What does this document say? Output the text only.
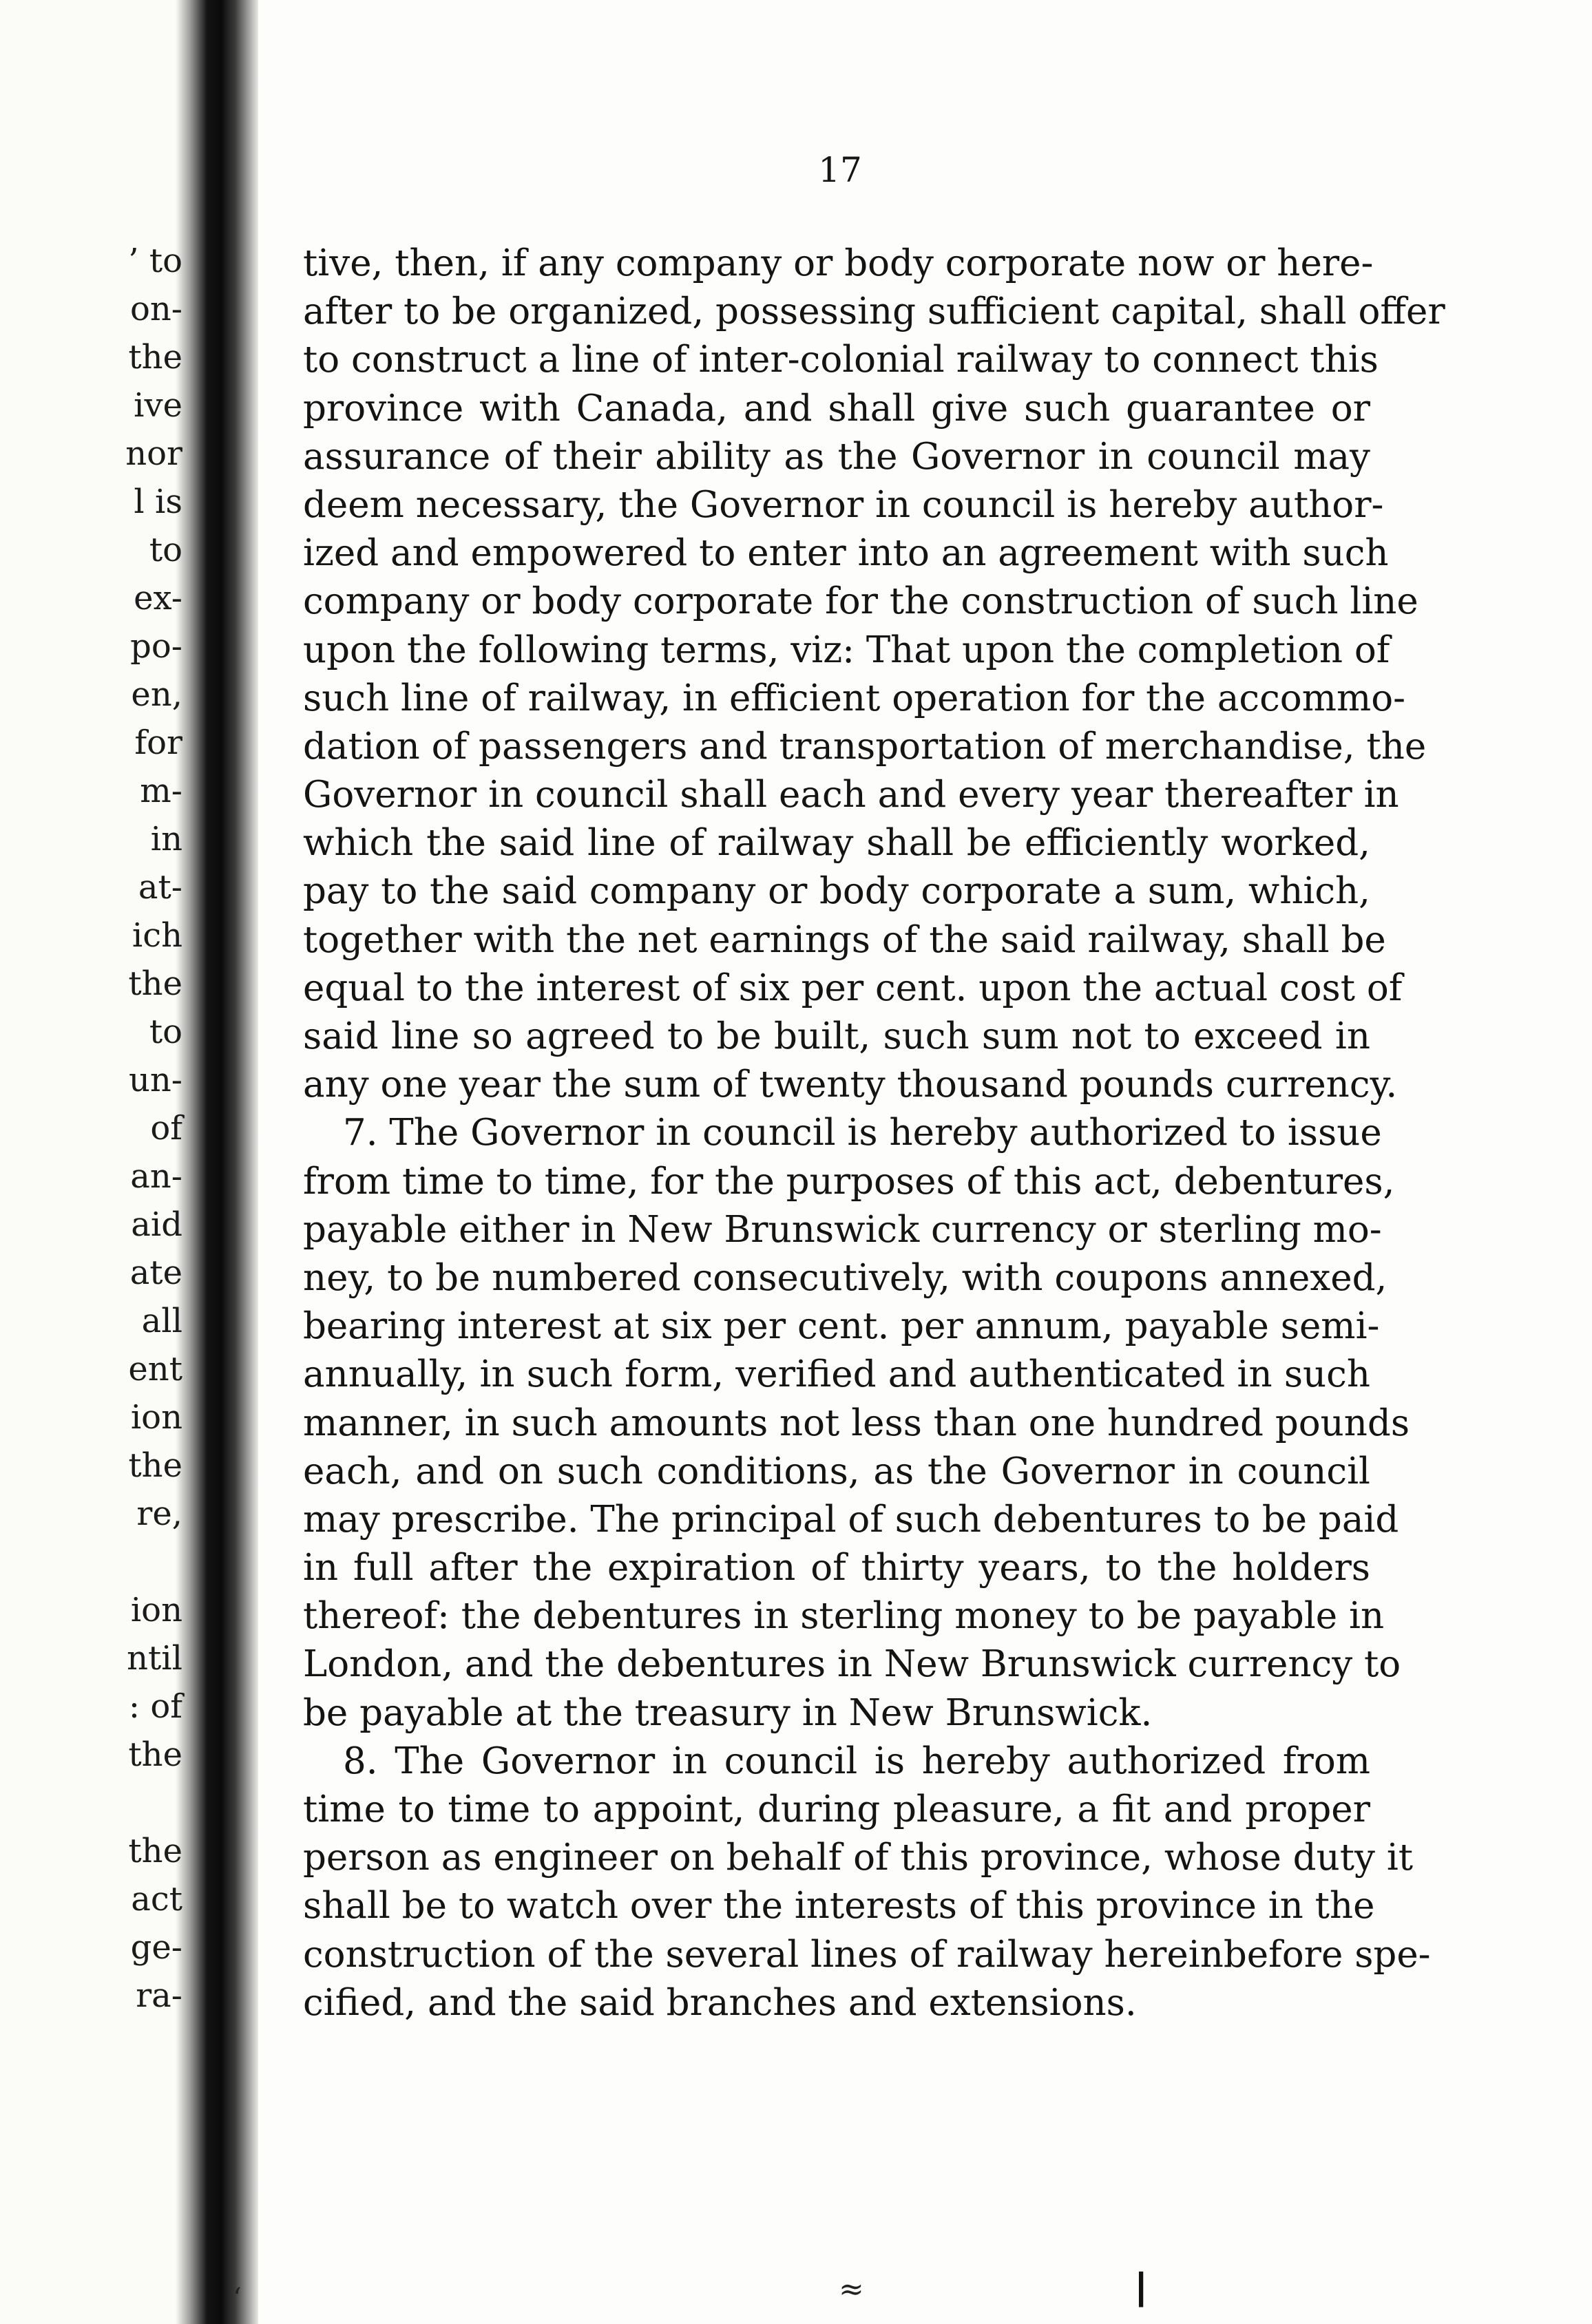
’ to
on-
the
ive
nor
l is
to
ex-
po-
en,
for
m-
in
at-
ich
the
to
un-
of
an-
aid
ate
all
ent
ion
the
re,
ion
ntil
: of
the
the
act
ge-
ra-
17
tive, then, if any company or body corporate now or here-
after to be organized, possessing sufficient capital, shall offer
to construct a line of inter-colonial railway to connect this
province with Canada, and shall give such guarantee or
assurance of their ability as the Governor in council may
deem necessary, the Governor in council is hereby author-
ized and empowered to enter into an agreement with such
company or body corporate for the construction of such line
upon the following terms, viz: That upon the completion of
such line of railway, in efficient operation for the accommo-
dation of passengers and transportation of merchandise, the
Governor in council shall each and every year thereafter in
which the said line of railway shall be efficiently worked,
pay to the said company or body corporate a sum, which,
together with the net earnings of the said railway, shall be
equal to the interest of six per cent. upon the actual cost of
said line so agreed to be built, such sum not to exceed in
any one year the sum of twenty thousand pounds currency.
7. The Governor in council is hereby authorized to issue
from time to time, for the purposes of this act, debentures,
payable either in New Brunswick currency or sterling mo-
ney, to be numbered consecutively, with coupons annexed,
bearing interest at six per cent. per annum, payable semi-
annually, in such form, verified and authenticated in such
manner, in such amounts not less than one hundred pounds
each, and on such conditions, as the Governor in council
may prescribe. The principal of such debentures to be paid
in full after the expiration of thirty years, to the holders
thereof: the debentures in sterling money to be payable in
London, and the debentures in New Brunswick currency to
be payable at the treasury in New Brunswick.
8. The Governor in council is hereby authorized from
time to time to appoint, during pleasure, a fit and proper
person as engineer on behalf of this province, whose duty it
shall be to watch over the interests of this province in the
construction of the several lines of railway hereinbefore spe-
cified, and the said branches and extensions.
‘	≈	∣
